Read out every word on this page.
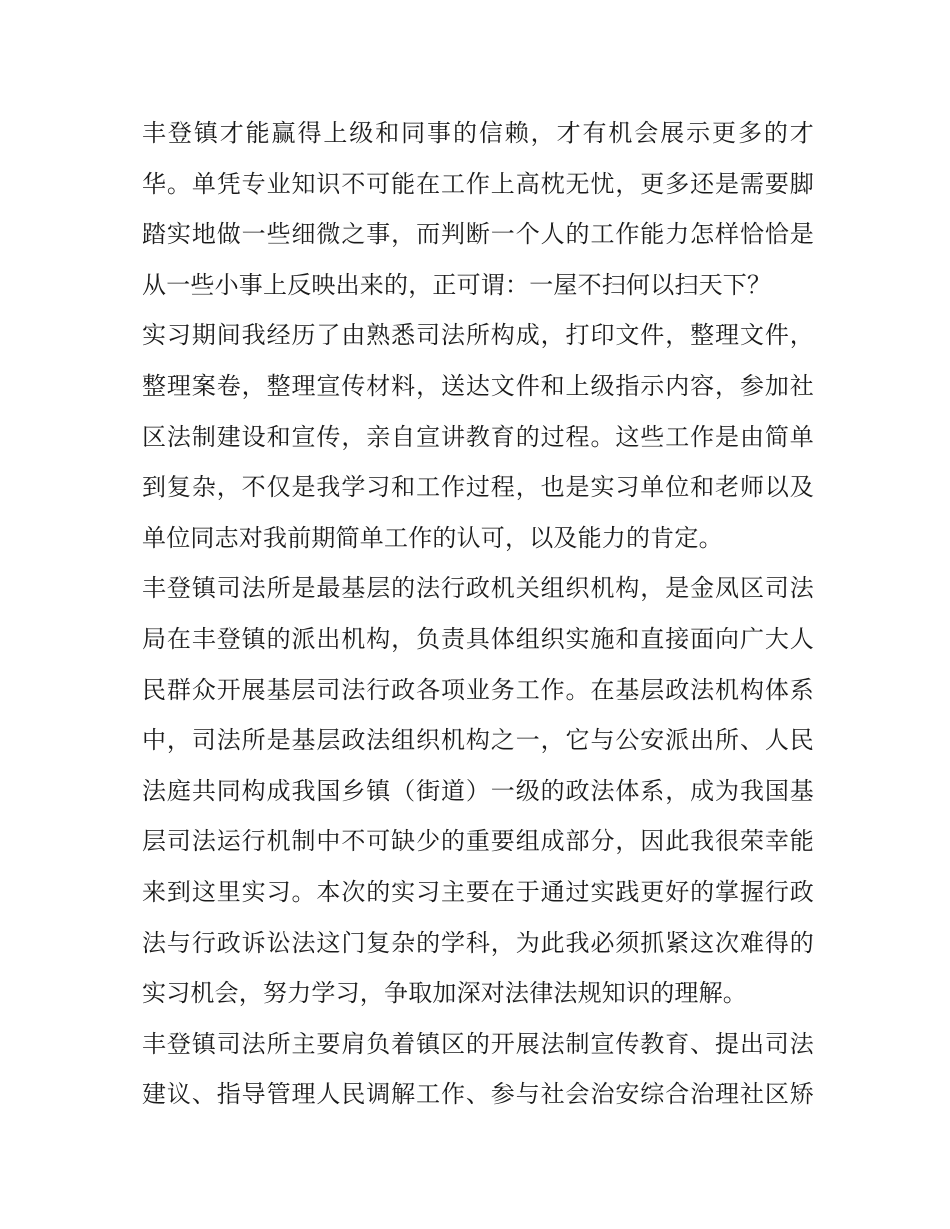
丰登镇才能赢得上级和同事的信赖，才有机会展示更多的才
华。单凭专业知识不可能在工作上高枕无忧，更多还是需要脚
踏实地做一些细微之事，而判断一个人的工作能力怎样恰恰是
从一些小事上反映出来的，正可谓：一屋不扫何以扫天下？
实习期间我经历了由熟悉司法所构成，打印文件，整理文件，
整理案卷，整理宣传材料，送达文件和上级指示内容，参加社
区法制建设和宣传，亲自宣讲教育的过程。这些工作是由简单
到复杂，不仅是我学习和工作过程，也是实习单位和老师以及
单位同志对我前期简单工作的认可，以及能力的肯定。
丰登镇司法所是最基层的法行政机关组织机构，是金凤区司法
局在丰登镇的派出机构，负责具体组织实施和直接面向广大人
民群众开展基层司法行政各项业务工作。在基层政法机构体系
中，司法所是基层政法组织机构之一，它与公安派出所、人民
法庭共同构成我国乡镇（街道）一级的政法体系，成为我国基
层司法运行机制中不可缺少的重要组成部分，因此我很荣幸能
来到这里实习。本次的实习主要在于通过实践更好的掌握行政
法与行政诉讼法这门复杂的学科，为此我必须抓紧这次难得的
实习机会，努力学习，争取加深对法律法规知识的理解。
丰登镇司法所主要肩负着镇区的开展法制宣传教育、提出司法
建议、指导管理人民调解工作、参与社会治安综合治理社区矫
